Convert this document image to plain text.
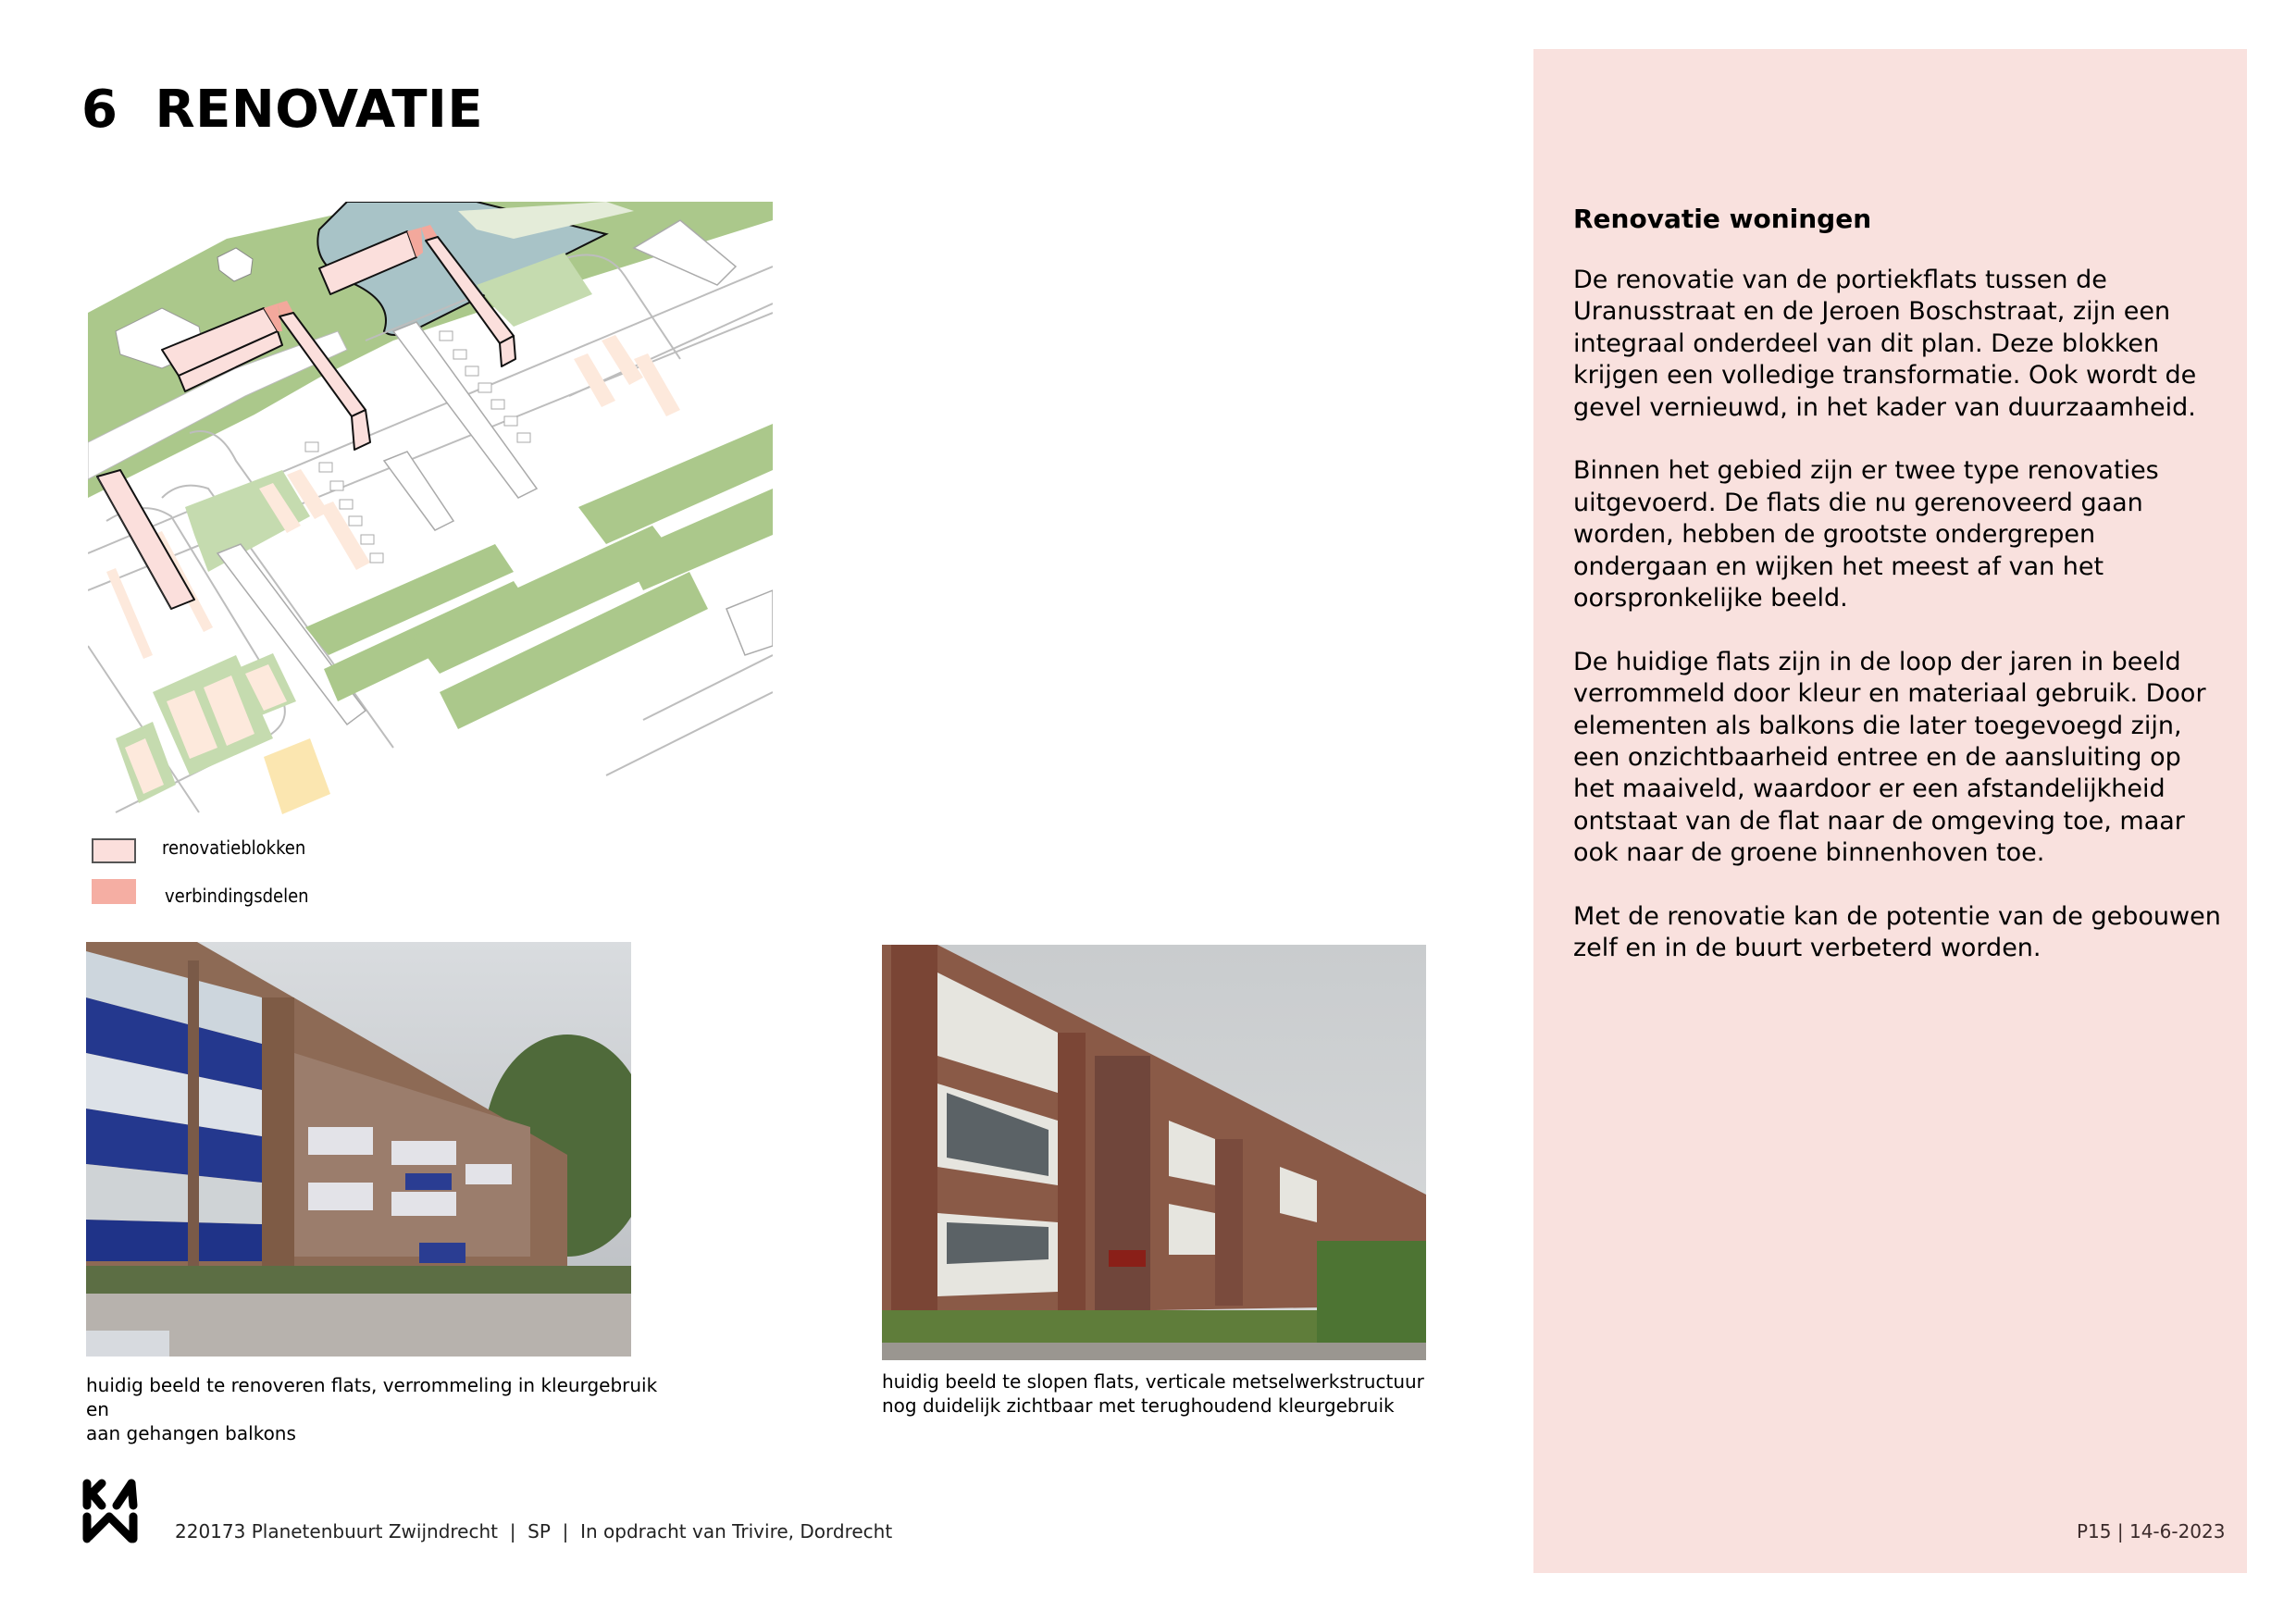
6  RENOVATIE
renovatieblokken
verbindingsdelen
huidig beeld te renoveren flats, verrommeling in kleurgebruik en
aan gehangen balkons
huidig beeld te slopen flats, verticale metselwerkstructuur
nog duidelijk zichtbaar met terughoudend kleurgebruik
Renovatie woningen

De renovatie van de portiekflats tussen de Uranusstraat en de Jeroen Boschstraat, zijn een integraal onderdeel van dit plan. Deze blokken krijgen een volledige transformatie. Ook wordt de gevel vernieuwd, in het kader van duurzaamheid.

Binnen het gebied zijn er twee type renovaties uitgevoerd. De flats die nu gerenoveerd gaan worden, hebben de grootste ondergrepen ondergaan en wijken het meest af van het oorspronkelijke beeld.

De huidige flats zijn in de loop der jaren in beeld verrommeld door kleur en materiaal gebruik. Door elementen als balkons die later toegevoegd zijn, een onzichtbaarheid entree en de aansluiting op het maaiveld, waardoor er een afstandelijkheid ontstaat van de flat naar de omgeving toe, maar ook naar de groene binnenhoven toe.

Met de renovatie kan de potentie van de gebouwen zelf en in de buurt verbeterd worden.

220173 Planetenbuurt Zwijndrecht  |  SP  |  In opdracht van Trivire, Dordrecht	P15 | 14-6-2023
